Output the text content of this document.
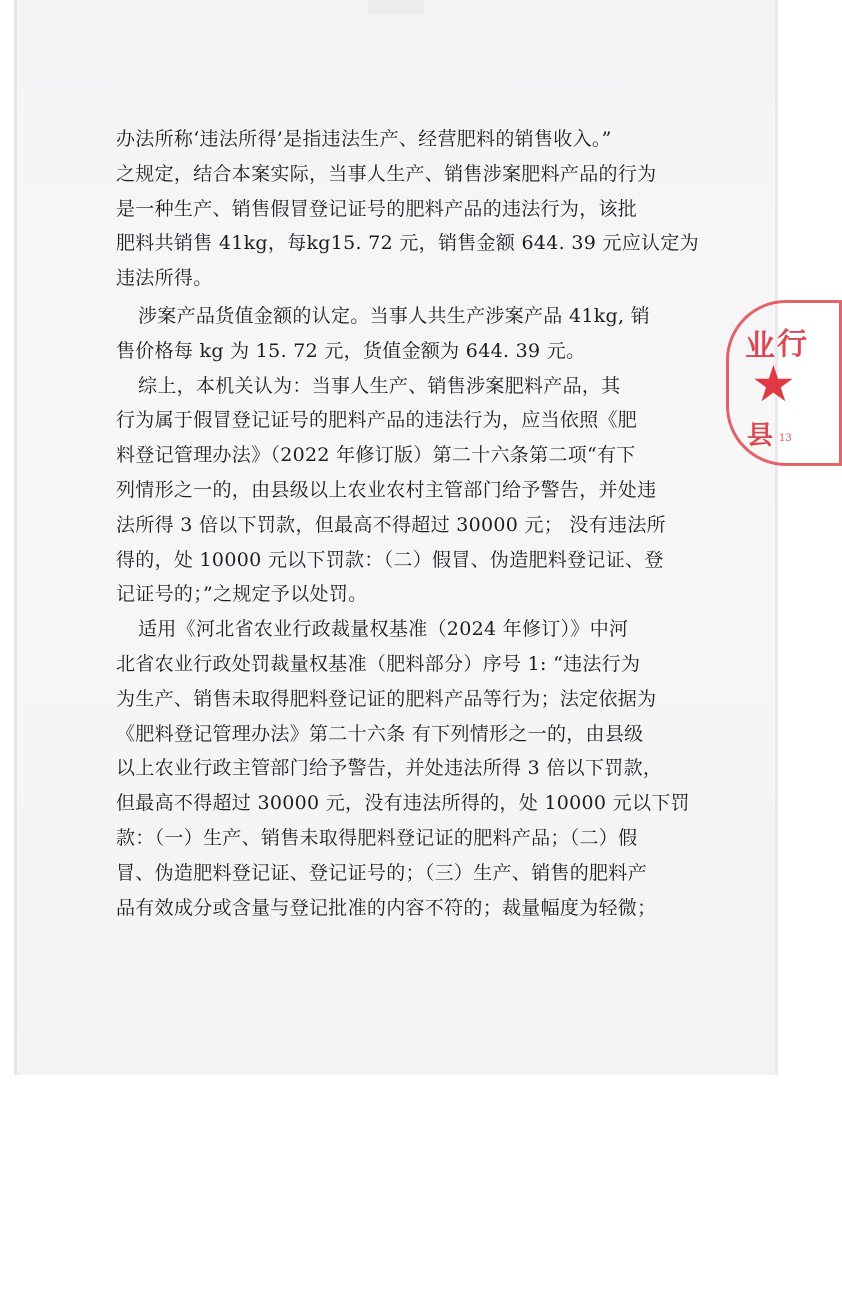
办法所称‘违法所得’是指违法生产、经营肥料的销售收入。”
之规定，结合本案实际，当事人生产、销售涉案肥料产品的行为
是一种生产、销售假冒登记证号的肥料产品的违法行为，该批
肥料共销售 41kg，每kg15. 72 元，销售金额 644. 39 元应认定为
违法所得。
涉案产品货值金额的认定。当事人共生产涉案产品 41kg, 销
售价格每 kg 为 15. 72 元，货值金额为 644. 39 元。
综上，本机关认为：当事人生产、销售涉案肥料产品，其
行为属于假冒登记证号的肥料产品的违法行为，应当依照《肥
料登记管理办法》（2022 年修订版）第二十六条第二项“有下
列情形之一的，由县级以上农业农村主管部门给予警告，并处违
法所得 3 倍以下罚款，但最高不得超过 30000 元； 没有违法所
得的，处 10000 元以下罚款：（二）假冒、伪造肥料登记证、登
记证号的；”之规定予以处罚。
适用《河北省农业行政裁量权基准（2024 年修订）》中河
北省农业行政处罚裁量权基准（肥料部分）序号 1: “违法行为
为生产、销售未取得肥料登记证的肥料产品等行为；法定依据为
《肥料登记管理办法》第二十六条 有下列情形之一的，由县级
以上农业行政主管部门给予警告，并处违法所得 3 倍以下罚款，
但最高不得超过 30000 元，没有违法所得的，处 10000 元以下罚
款：（一）生产、销售未取得肥料登记证的肥料产品；（二）假
冒、伪造肥料登记证、登记证号的；（三）生产、销售的肥料产
品有效成分或含量与登记批准的内容不符的；裁量幅度为轻微；
业 行
★
县 13
